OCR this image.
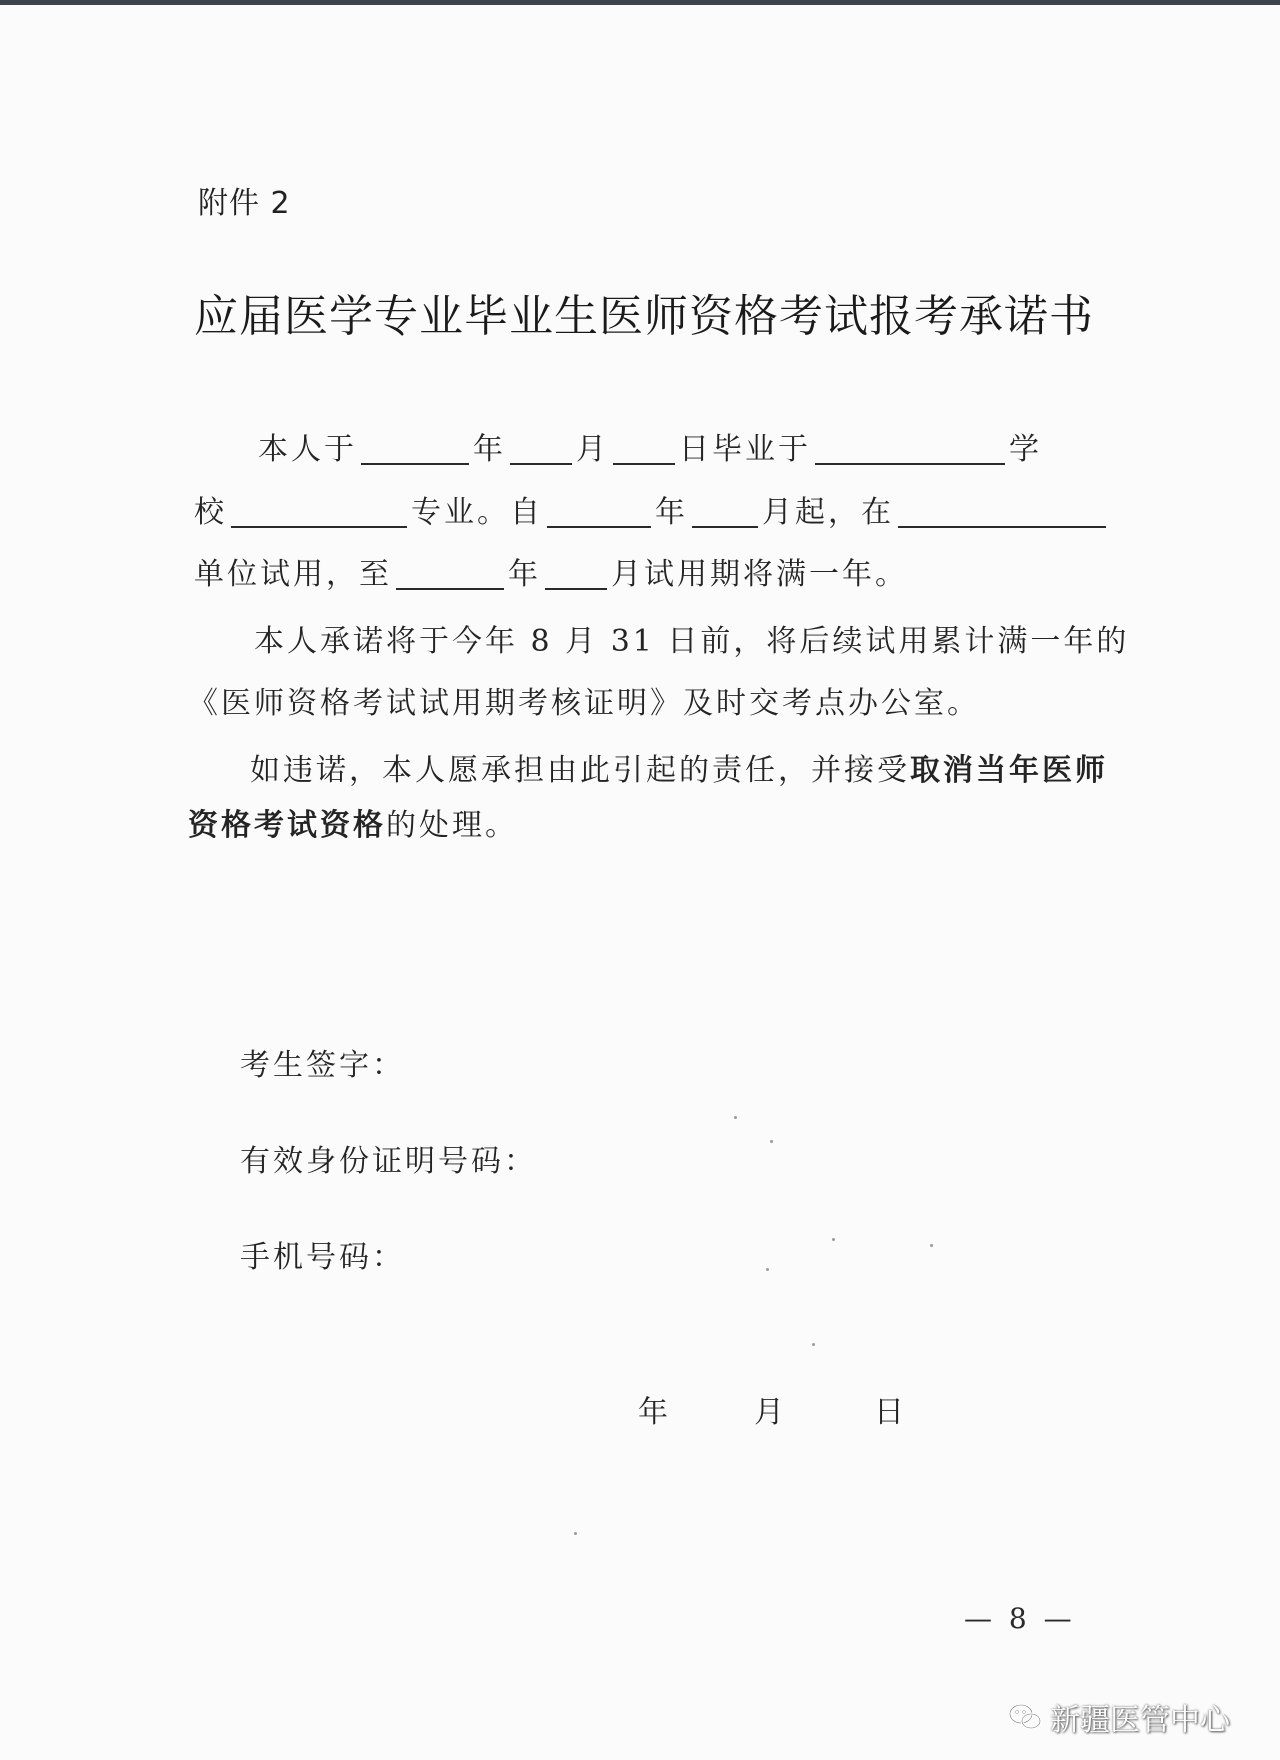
附件 2
应届医学专业毕业生医师资格考试报考承诺书
本人于	年 月 日毕业于	学
校	专业。自	年 月起，在
单位试用，至	年 月试用期将满一年。
本人承诺将于今年 8 月 31 日前，将后续试用累计满一年的
《医师资格考试试用期考核证明》及时交考点办公室。
如违诺，本人愿承担由此引起的责任，并接受取消当年医师
资格考试资格的处理。
考生签字：
有效身份证明号码：
手机号码：
年	月	日
— 8 —
新疆医管中心
